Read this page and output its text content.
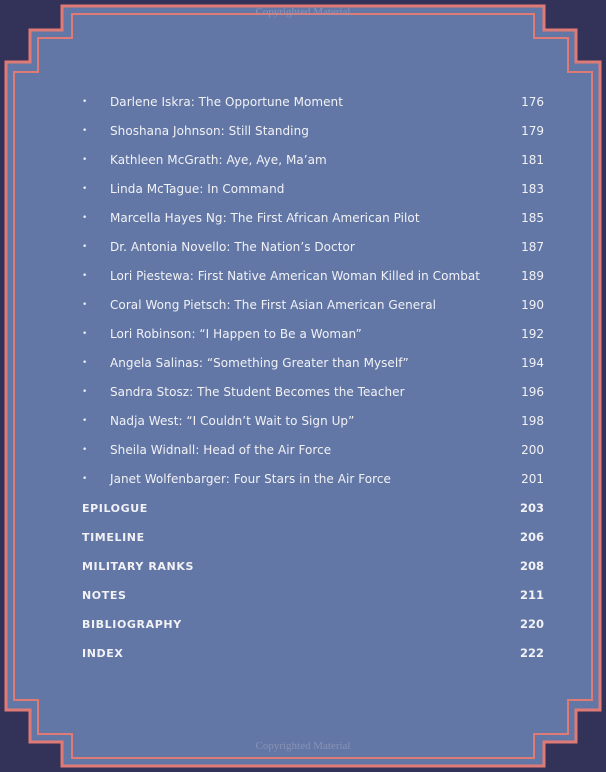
Copyrighted Material
• Darlene Iskra: The Opportune Moment	176
• Shoshana Johnson: Still Standing	179
• Kathleen McGrath: Aye, Aye, Ma’am	181
• Linda McTague: In Command	183
• Marcella Hayes Ng: The First African American Pilot	185
• Dr. Antonia Novello: The Nation’s Doctor	187
• Lori Piestewa: First Native American Woman Killed in Combat	189
• Coral Wong Pietsch: The First Asian American General	190
• Lori Robinson: “I Happen to Be a Woman”	192
• Angela Salinas: “Something Greater than Myself”	194
• Sandra Stosz: The Student Becomes the Teacher	196
• Nadja West: “I Couldn’t Wait to Sign Up”	198
• Sheila Widnall: Head of the Air Force	200
• Janet Wolfenbarger: Four Stars in the Air Force	201
EPILOGUE	203
TIMELINE	206
MILITARY RANKS	208
NOTES	211
BIBLIOGRAPHY	220
INDEX	222
Copyrighted Material
